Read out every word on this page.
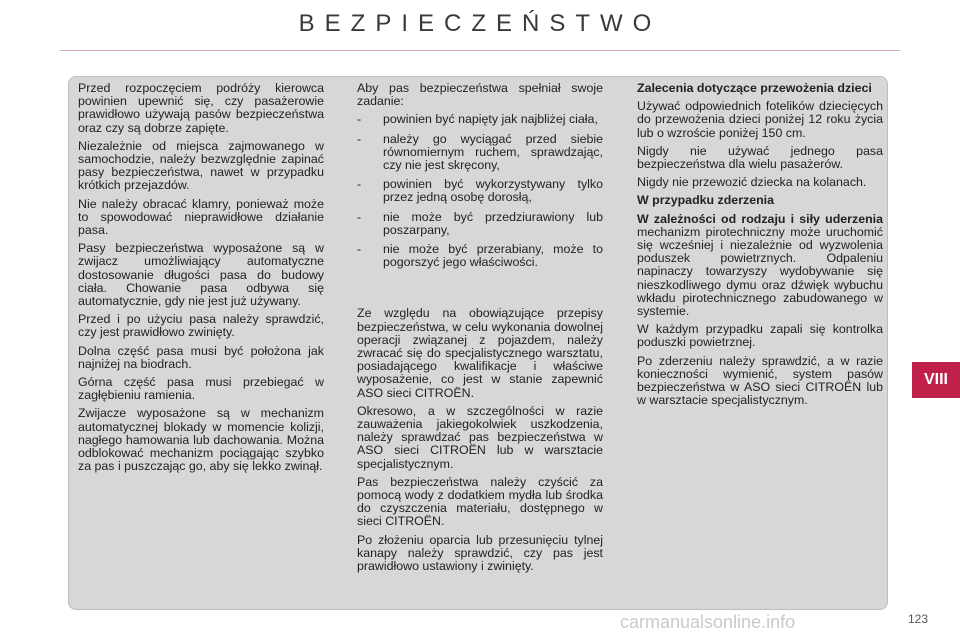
BEZPIECZEŃSTWO

Przed rozpoczęciem podróży kierowca powinien upewnić się, czy pasażerowie prawidłowo używają pasów bezpieczeństwa oraz czy są dobrze zapięte.

Niezależnie od miejsca zajmowanego w samochodzie, należy bezwzględnie zapinać pasy bezpieczeństwa, nawet w przypadku krótkich przejazdów.

Nie należy obracać klamry, ponieważ może to spowodować nieprawidłowe działanie pasa.

Pasy bezpieczeństwa wyposażone są w zwijacz umożliwiający automatyczne dostosowanie długości pasa do budowy ciała. Chowanie pasa odbywa się automatycznie, gdy nie jest już używany.

Przed i po użyciu pasa należy sprawdzić, czy jest prawidłowo zwinięty.

Dolna część pasa musi być położona jak najniżej na biodrach.

Górna część pasa musi przebiegać w zagłębieniu ramienia.

Zwijacze wyposażone są w mechanizm automatycznej blokady w momencie kolizji, nagłego hamowania lub dachowania. Można odblokować mechanizm pociągając szybko za pas i puszczając go, aby się lekko zwinął.

Aby pas bezpieczeństwa spełniał swoje zadanie:

- powinien być napięty jak najbliżej ciała,
- należy go wyciągać przed siebie równomiernym ruchem, sprawdzając, czy nie jest skręcony,
- powinien być wykorzystywany tylko przez jedną osobę dorosłą,
- nie może być przedziurawiony lub poszarpany,
- nie może być przerabiany, może to pogorszyć jego właściwości.

Ze względu na obowiązujące przepisy bezpieczeństwa, w celu wykonania dowolnej operacji związanej z pojazdem, należy zwracać się do specjalistycznego warsztatu, posiadającego kwalifikacje i właściwe wyposażenie, co jest w stanie zapewnić ASO sieci CITROËN.

Okresowo, a w szczególności w razie zauważenia jakiegokolwiek uszkodzenia, należy sprawdzać pas bezpieczeństwa w ASO sieci CITROËN lub w warsztacie specjalistycznym.

Pas bezpieczeństwa należy czyścić za pomocą wody z dodatkiem mydła lub środka do czyszczenia materiału, dostępnego w sieci CITROËN.

Po złożeniu oparcia lub przesunięciu tylnej kanapy należy sprawdzić, czy pas jest prawidłowo ustawiony i zwinięty.

Zalecenia dotyczące przewożenia dzieci

Używać odpowiednich fotelików dziecięcych do przewożenia dzieci poniżej 12 roku życia lub o wzroście poniżej 150 cm.

Nigdy nie używać jednego pasa bezpieczeństwa dla wielu pasażerów.

Nigdy nie przewozić dziecka na kolanach.

W przypadku zderzenia

W zależności od rodzaju i siły uderzenia mechanizm pirotechniczny może uruchomić się wcześniej i niezależnie od wyzwolenia poduszek powietrznych. Odpaleniu napinaczy towarzyszy wydobywanie się nieszkodliwego dymu oraz dźwięk wybuchu wkładu pirotechnicznego zabudowanego w systemie.

W każdym przypadku zapali się kontrolka poduszki powietrznej.

Po zderzeniu należy sprawdzić, a w razie konieczności wymienić, system pasów bezpieczeństwa w ASO sieci CITROËN lub w warsztacie specjalistycznym.

VIII
carmanualsonline.info	123
